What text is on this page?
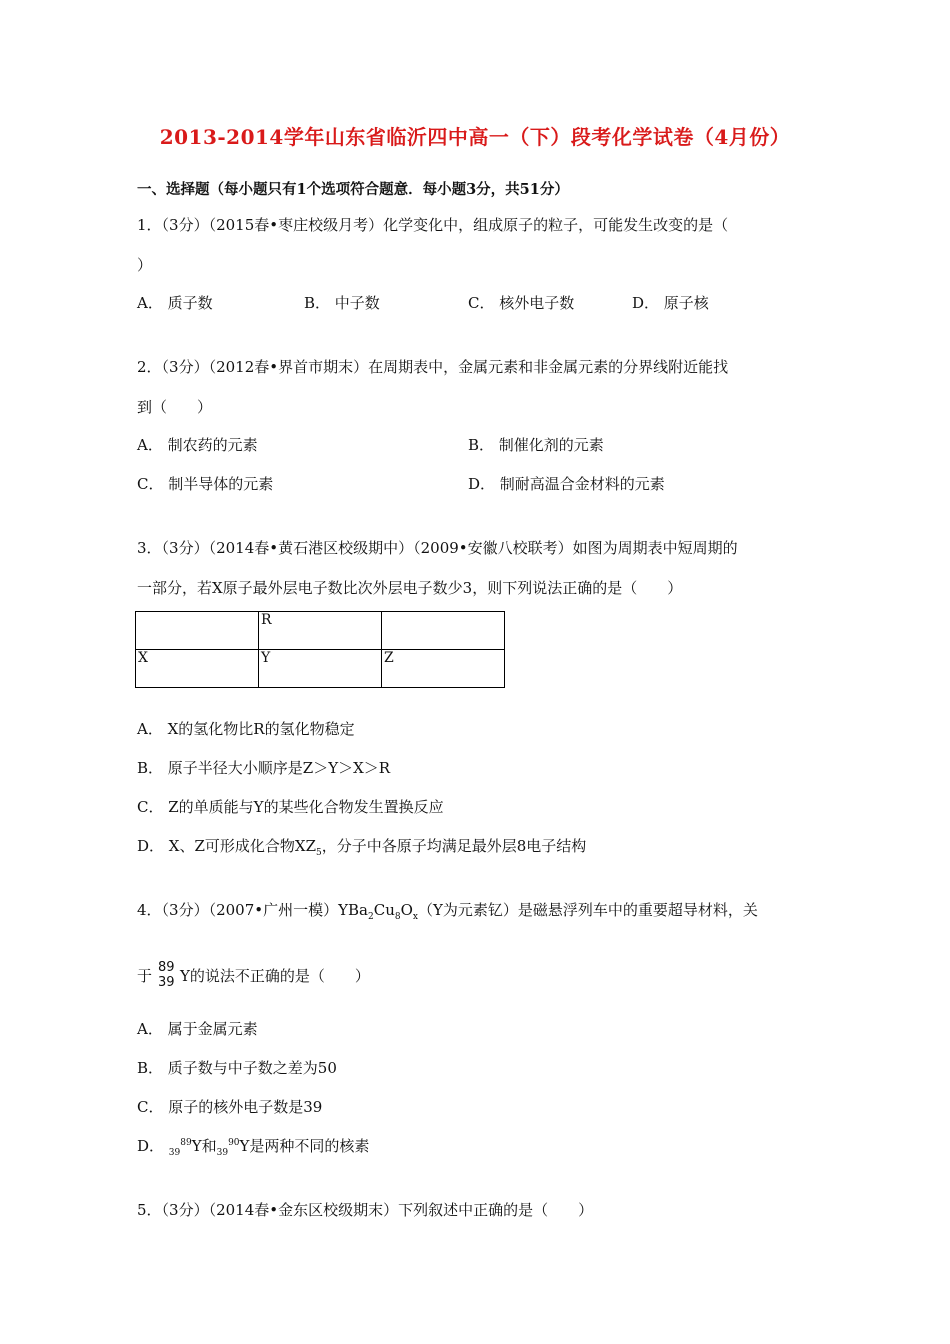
2013-2014学年山东省临沂四中高一（下）段考化学试卷（4月份）
一、选择题（每小题只有1个选项符合题意．每小题3分，共51分）
1．（3分）（2015春•枣庄校级月考）化学变化中，组成原子的粒子，可能发生改变的是（
）
A． 质子数	B． 中子数	C． 核外电子数	D． 原子核
2．（3分）（2012春•界首市期末）在周期表中，金属元素和非金属元素的分界线附近能找
到（　　）
A． 制农药的元素	B． 制催化剂的元素
C． 制半导体的元素	D． 制耐高温合金材料的元素
3．（3分）（2014春•黄石港区校级期中）（2009•安徽八校联考）如图为周期表中短周期的
一部分，若X原子最外层电子数比次外层电子数少3，则下列说法正确的是（　　）
	R	
X	Y	Z
A． X的氢化物比R的氢化物稳定
B． 原子半径大小顺序是Z＞Y＞X＞R
C． Z的单质能与Y的某些化合物发生置换反应
D． X、Z可形成化合物$XZ_5$，分子中各原子均满足最外层8电子结构
4．（3分）（2007•广州一模）$YBa_2Cu_8O_x(Y$为元素钇）是磁悬浮列车中的重要超导材料，关
于 89
39 Y的说法不正确的是（　　）
A． 属于金属元素
B． 质子数与中子数之差为50
C． 原子的核外电子数是39
D． $_{39}^{89}$Y和$_{39}^{90}$Y是两种不同的核素
5．（3分）（2014春•金东区校级期末）下列叙述中正确的是（　　）
